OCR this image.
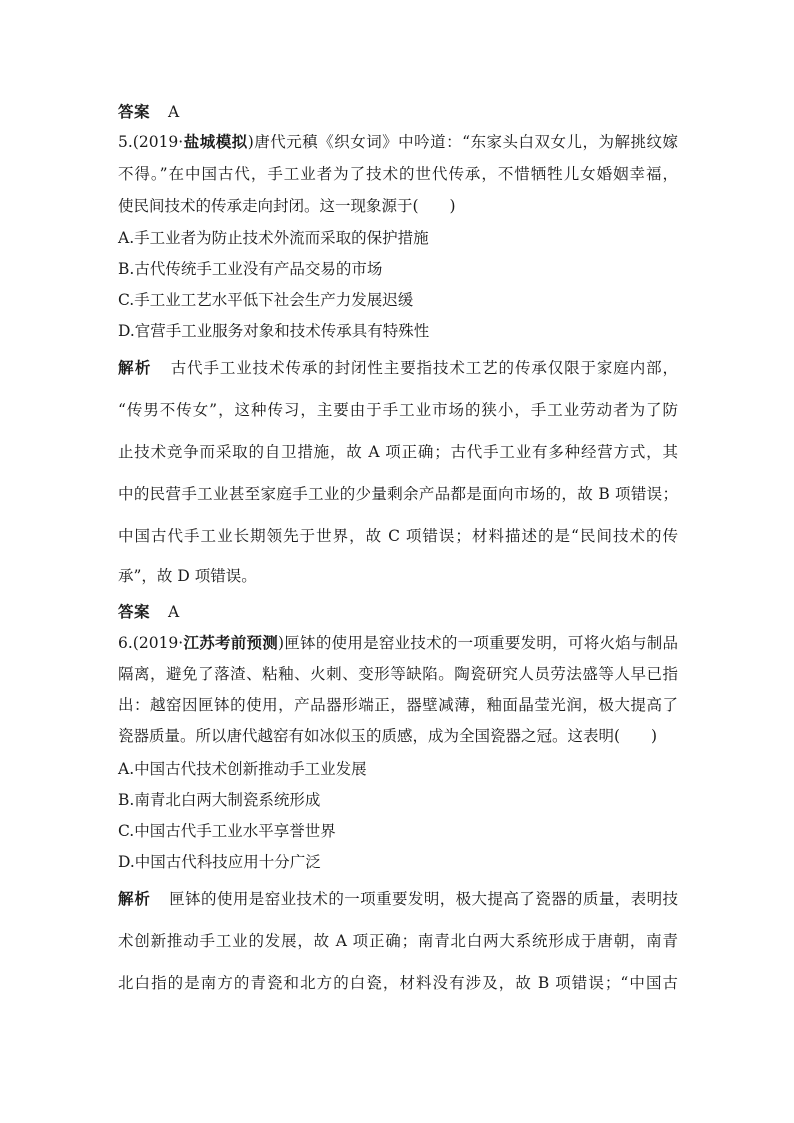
答案 A
5.(2019·盐城模拟)唐代元稹《织女词》中吟道：“东家头白双女儿，为解挑纹嫁
不得。”在中国古代，手工业者为了技术的世代传承，不惜牺牲儿女婚姻幸福，
使民间技术的传承走向封闭。这一现象源于(　　)
A.手工业者为防止技术外流而采取的保护措施
B.古代传统手工业没有产品交易的市场
C.手工业工艺水平低下社会生产力发展迟缓
D.官营手工业服务对象和技术传承具有特殊性
解析 古代手工业技术传承的封闭性主要指技术工艺的传承仅限于家庭内部，
“传男不传女”，这种传习，主要由于手工业市场的狭小，手工业劳动者为了防
止技术竞争而采取的自卫措施，故 A 项正确；古代手工业有多种经营方式，其
中的民营手工业甚至家庭手工业的少量剩余产品都是面向市场的，故 B 项错误；
中国古代手工业长期领先于世界，故 C 项错误；材料描述的是“民间技术的传
承”，故 D 项错误。
答案 A
6.(2019·江苏考前预测)匣钵的使用是窑业技术的一项重要发明，可将火焰与制品
隔离，避免了落渣、粘釉、火刺、变形等缺陷。陶瓷研究人员劳法盛等人早已指
出：越窑因匣钵的使用，产品器形端正，器壁减薄，釉面晶莹光润，极大提高了
瓷器质量。所以唐代越窑有如冰似玉的质感，成为全国瓷器之冠。这表明(　　)
A.中国古代技术创新推动手工业发展
B.南青北白两大制瓷系统形成
C.中国古代手工业水平享誉世界
D.中国古代科技应用十分广泛
解析 匣钵的使用是窑业技术的一项重要发明，极大提高了瓷器的质量，表明技
术创新推动手工业的发展，故 A 项正确；南青北白两大系统形成于唐朝，南青
北白指的是南方的青瓷和北方的白瓷，材料没有涉及，故 B 项错误；“中国古
